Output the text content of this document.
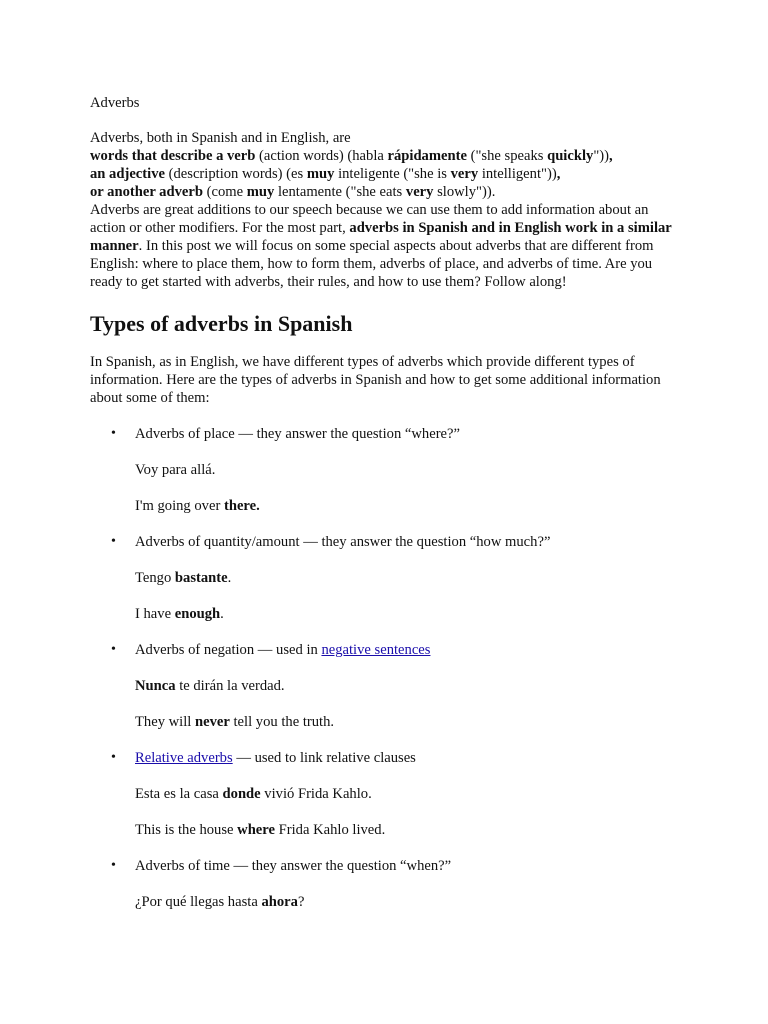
Adverbs

Adverbs, both in Spanish and in English, are

words that describe a verb (action words) (habla rápidamente ("she speaks quickly")),

an adjective (description words) (es muy inteligente ("she is very intelligent")),

or another adverb (come muy lentamente ("she eats very slowly")).

Adverbs are great additions to our speech because we can use them to add information about an action or other modifiers. For the most part, adverbs in Spanish and in English work in a similar manner. In this post we will focus on some special aspects about adverbs that are different from English: where to place them, how to form them, adverbs of place, and adverbs of time. Are you ready to get started with adverbs, their rules, and how to use them? Follow along!

Types of adverbs in Spanish

In Spanish, as in English, we have different types of adverbs which provide different types of information. Here are the types of adverbs in Spanish and how to get some additional information about some of them:

• Adverbs of place — they answer the question “where?”

Voy para allá.

I'm going over there.

• Adverbs of quantity/amount — they answer the question “how much?”

Tengo bastante.

I have enough.

• Adverbs of negation — used in negative sentences

Nunca te dirán la verdad.

They will never tell you the truth.

• Relative adverbs — used to link relative clauses

Esta es la casa donde vivió Frida Kahlo.

This is the house where Frida Kahlo lived.

• Adverbs of time — they answer the question “when?”

¿Por qué llegas hasta ahora?
